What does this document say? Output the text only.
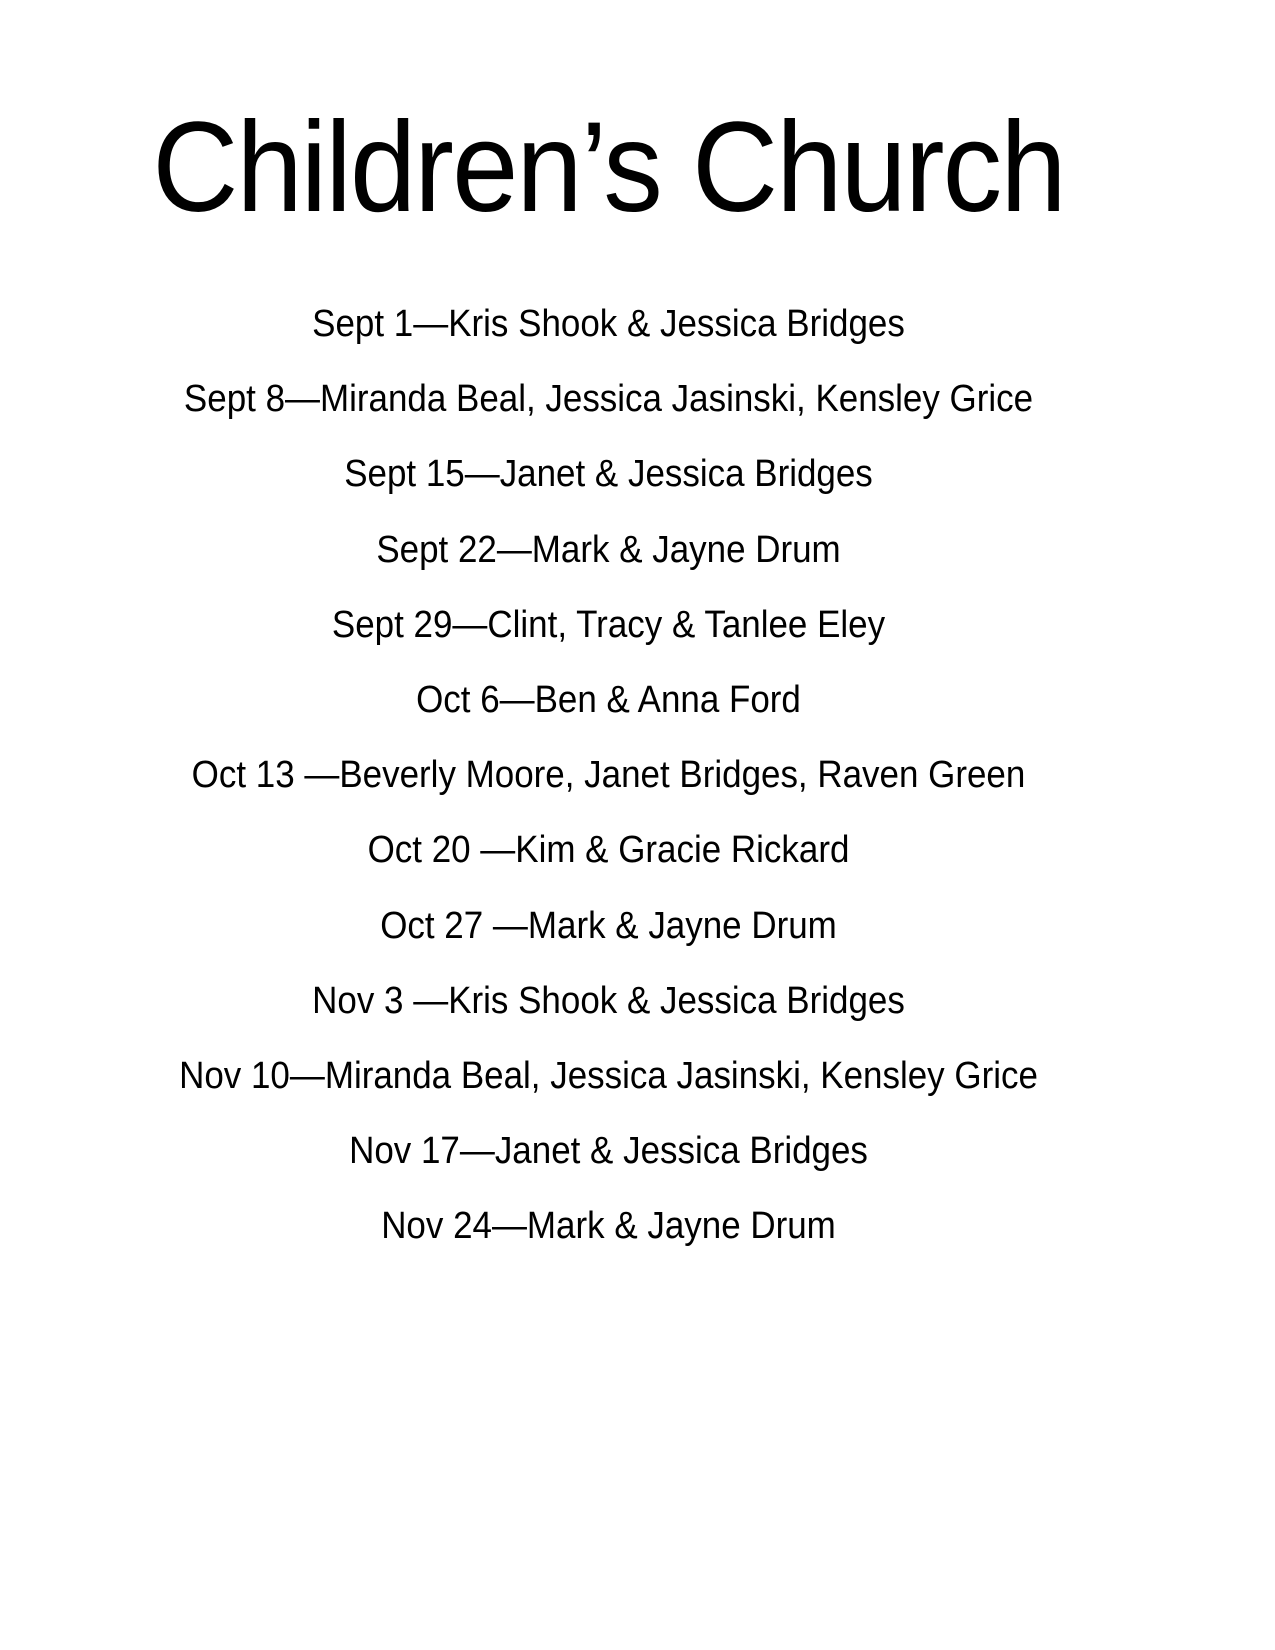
Children’s Church
Sept 1—Kris Shook & Jessica Bridges
Sept 8—Miranda Beal, Jessica Jasinski, Kensley Grice
Sept 15—Janet & Jessica Bridges
Sept 22—Mark & Jayne Drum
Sept 29—Clint, Tracy & Tanlee Eley
Oct 6—Ben & Anna Ford
Oct 13 —Beverly Moore, Janet Bridges, Raven Green
Oct 20 —Kim & Gracie Rickard
Oct 27 —Mark & Jayne Drum
Nov 3 —Kris Shook & Jessica Bridges
Nov 10—Miranda Beal, Jessica Jasinski, Kensley Grice
Nov 17—Janet & Jessica Bridges
Nov 24—Mark & Jayne Drum
